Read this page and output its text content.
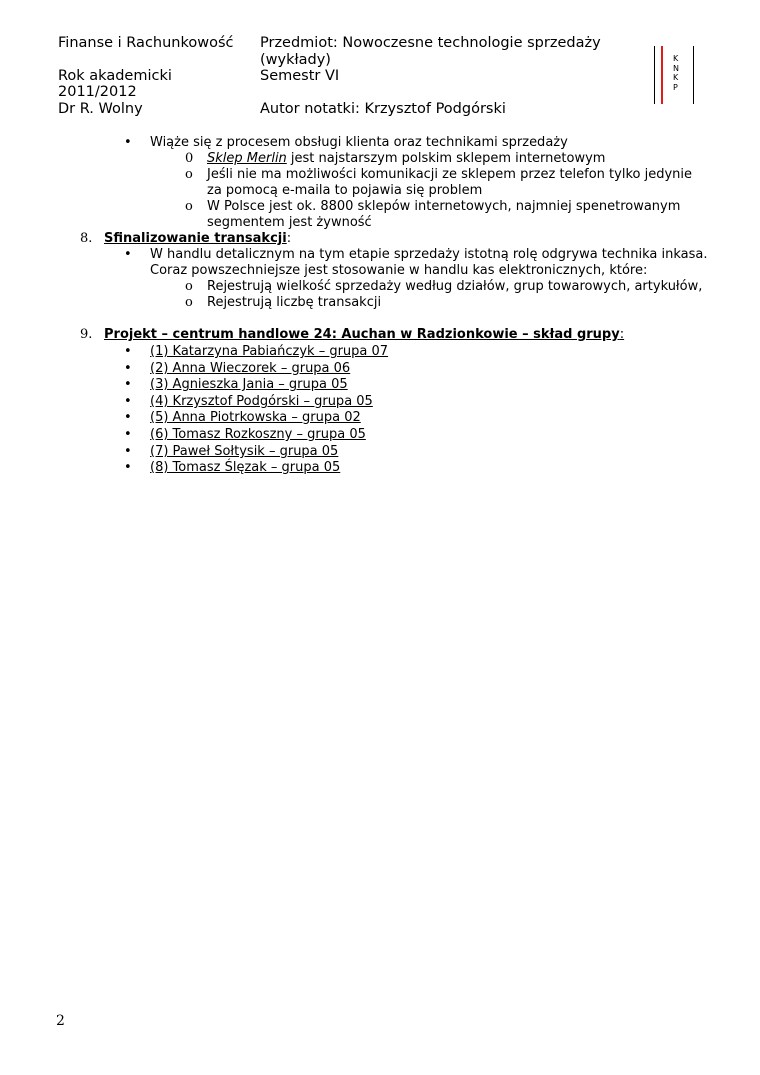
Finanse i Rachunkowość Przedmiot: Nowoczesne technologie sprzedaży
(wykłady)
Rok akademicki	Semestr VI
2011/2012
Dr R. Wolny	Autor notatki: Krzysztof Podgórski
K
N
K
P
• Wiąże się z procesem obsługi klienta oraz technikami sprzedaży
0 Sklep Merlin jest najstarszym polskim sklepem internetowym
o Jeśli nie ma możliwości komunikacji ze sklepem przez telefon tylko jedynie
za pomocą e-maila to pojawia się problem
o W Polsce jest ok. 8800 sklepów internetowych, najmniej spenetrowanym
segmentem jest żywność
8. Sfinalizowanie transakcji:
• W handlu detalicznym na tym etapie sprzedaży istotną rolę odgrywa technika inkasa.
Coraz powszechniejsze jest stosowanie w handlu kas elektronicznych, które:
o Rejestrują wielkość sprzedaży według działów, grup towarowych, artykułów,
o Rejestrują liczbę transakcji
9. Projekt – centrum handlowe 24: Auchan w Radzionkowie – skład grupy:
• (1) Katarzyna Pabiańczyk – grupa 07
• (2) Anna Wieczorek – grupa 06
• (3) Agnieszka Jania – grupa 05
• (4) Krzysztof Podgórski – grupa 05
• (5) Anna Piotrkowska – grupa 02
• (6) Tomasz Rozkoszny – grupa 05
• (7) Paweł Sołtysik – grupa 05
• (8) Tomasz Ślęzak – grupa 05
2
